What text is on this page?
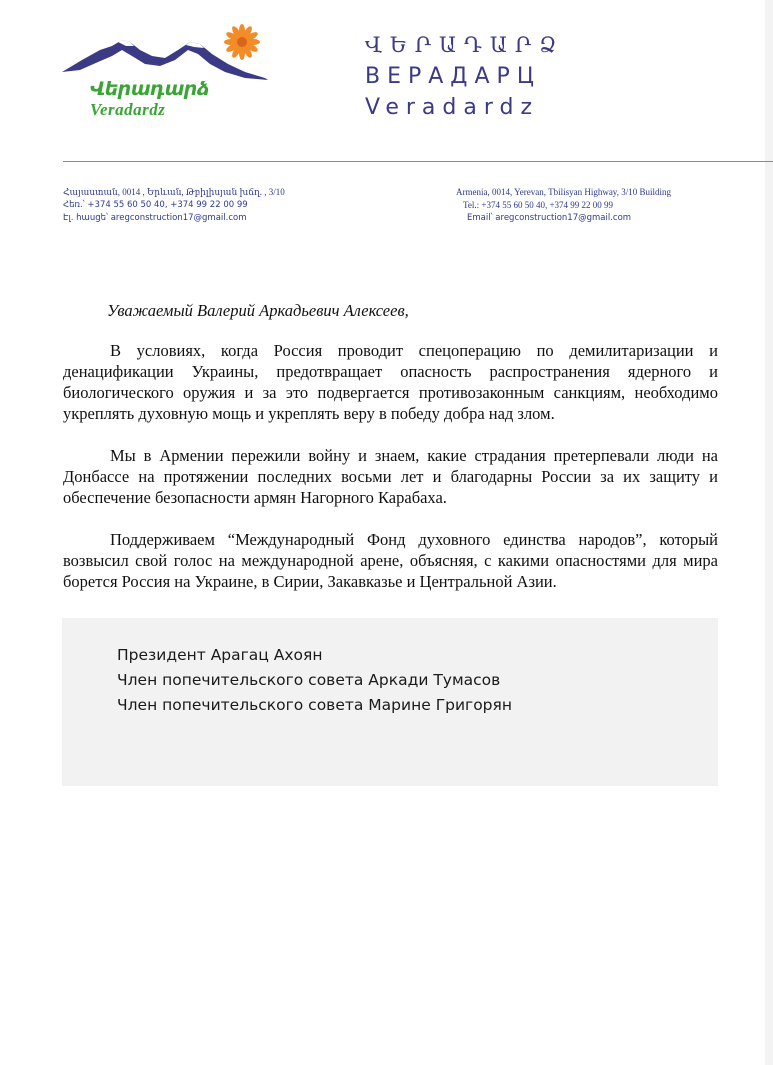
Վերադարձ
Veradardz
ՎԵՐԱԴԱՐՁ
ВЕРАДАРЦ
Veradardz
Հայաստան, 0014 , Երևան, Թբիլիսյան խճղ. , 3/10
Հեռ.՝ +374 55 60 50 40, +374 99 22 00 99
Էլ. հասցե՝ aregconstruction17@gmail.com
Armenia, 0014, Yerevan, Tbilisyan Highway, 3/10 Building
Tel.: +374 55 60 50 40, +374 99 22 00 99
Email՝ aregconstruction17@gmail.com
Уважаемый Валерий Аркадьевич Алексеев,

В условиях, когда Россия проводит спецоперацию по демилитаризации и денацификации Украины, предотвращает опасность распространения ядерного и биологического оружия и за это подвергается противозаконным санкциям, необходимо укреплять духовную мощь и укреплять веру в победу добра над злом.

Мы в Армении пережили войну и знаем, какие страдания претерпевали люди на Донбассе на протяжении последних восьми лет и благодарны России за их защиту и обеспечение безопасности армян Нагорного Карабаха.

Поддерживаем “Международный Фонд духовного единства народов”, который возвысил свой голос на международной арене, объясняя, с какими опасностями для мира борется Россия на Украине, в Сирии, Закавказье и Центральной Азии.

Президент Арагац Ахоян
Член попечительского совета Аркади Тумасов
Член попечительского совета Марине Григорян
